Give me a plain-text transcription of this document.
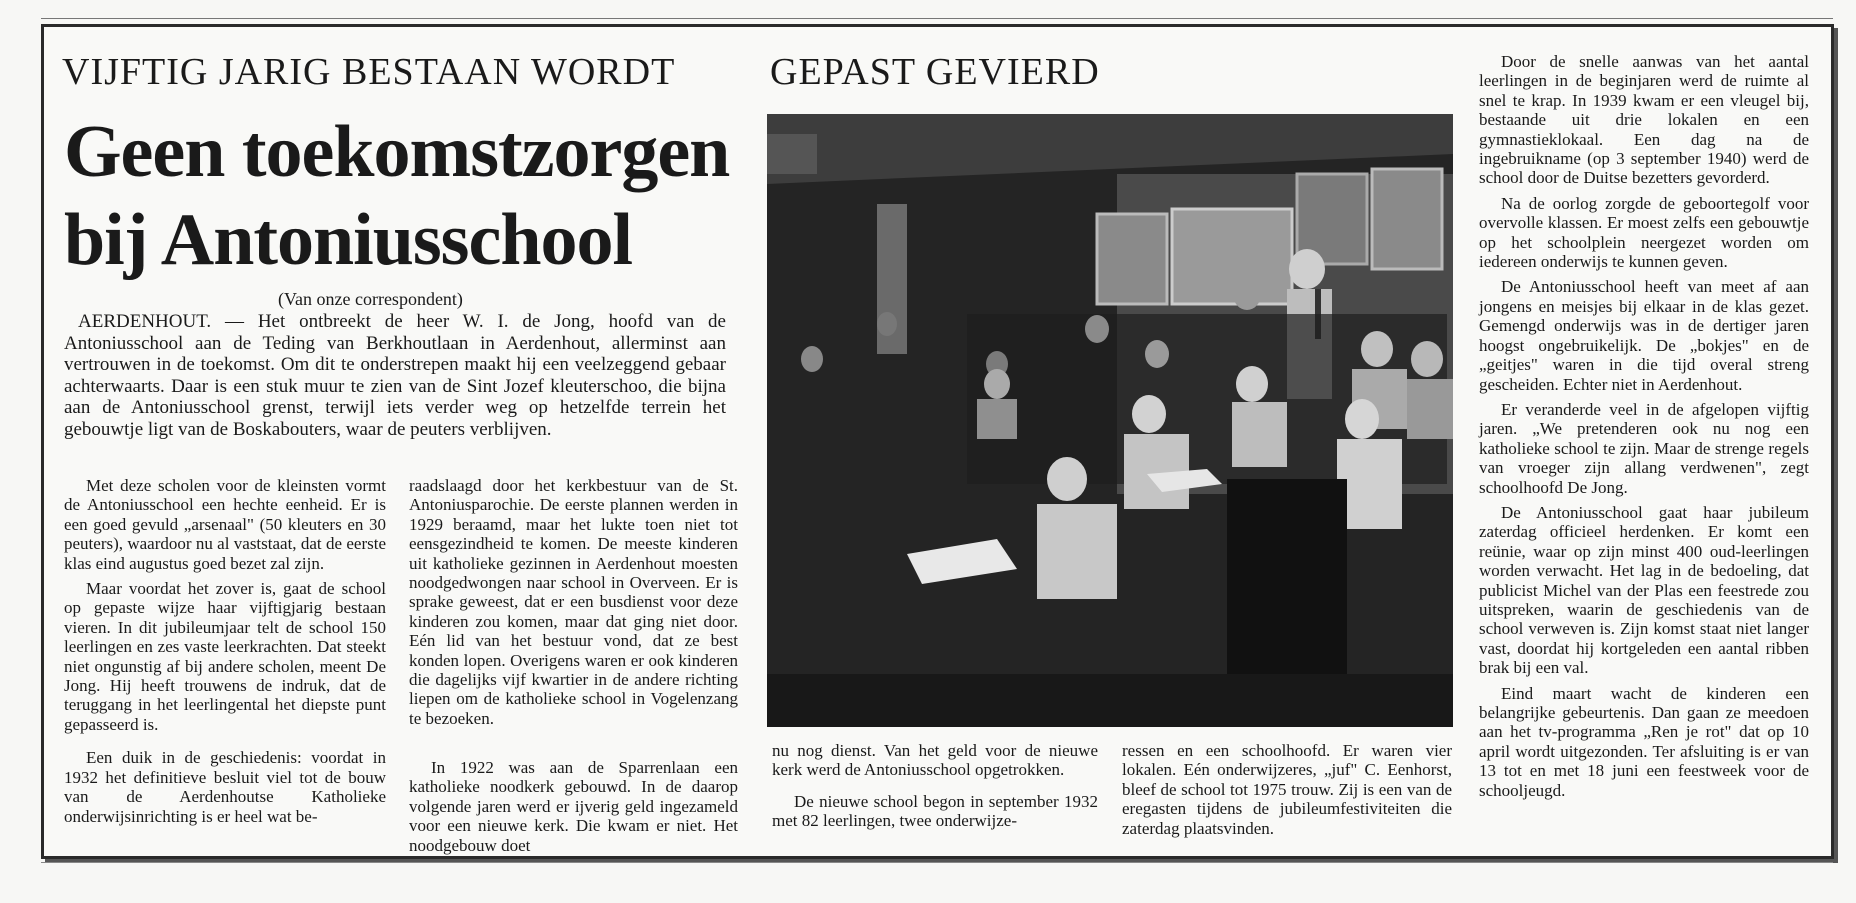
VIJFTIG JARIG BESTAAN WORDT GEPAST GEVIERD
Geen toekomstzorgen
bij Antoniusschool
(Van onze correspondent)

AERDENHOUT. — Het ontbreekt de heer W. I. de Jong, hoofd van de Antoniusschool aan de Teding van Berkhoutlaan in Aerdenhout, allerminst aan vertrouwen in de toekomst. Om dit te onderstrepen maakt hij een veelzeggend gebaar achterwaarts. Daar is een stuk muur te zien van de Sint Jozef kleuterschoo, die bijna aan de Antoniusschool grenst, terwijl iets verder weg op hetzelfde terrein het gebouwtje ligt van de Boskabouters, waar de peuters verblijven.

Met deze scholen voor de kleinsten vormt de Antoniusschool een hechte eenheid. Er is een goed gevuld „arsenaal" (50 kleuters en 30 peuters), waardoor nu al vaststaat, dat de eerste klas eind augustus goed bezet zal zijn.

Maar voordat het zover is, gaat de school op gepaste wijze haar vijftigjarig bestaan vieren. In dit jubileumjaar telt de school 150 leerlingen en zes vaste leerkrachten. Dat steekt niet ongunstig af bij andere scholen, meent De Jong. Hij heeft trouwens de indruk, dat de teruggang in het leerlingental het diepste punt gepasseerd is.

Een duik in de geschiedenis: voordat in 1932 het definitieve besluit viel tot de bouw van de Aerdenhoutse Katholieke onderwijsinrichting is er heel wat be-

raadslaagd door het kerkbestuur van de St. Antoniusparochie. De eerste plannen werden in 1929 beraamd, maar het lukte toen niet tot eensgezindheid te komen. De meeste kinderen uit katholieke gezinnen in Aerdenhout moesten noodgedwongen naar school in Overveen. Er is sprake geweest, dat er een busdienst voor deze kinderen zou komen, maar dat ging niet door. Eén lid van het bestuur vond, dat ze best konden lopen. Overigens waren er ook kinderen die dagelijks vijf kwartier in de andere richting liepen om de katholieke school in Vogelenzang te bezoeken.

In 1922 was aan de Sparrenlaan een katholieke noodkerk gebouwd. In de daarop volgende jaren werd er ijverig geld ingezameld voor een nieuwe kerk. Die kwam er niet. Het noodgebouw doet

nu nog dienst. Van het geld voor de nieuwe kerk werd de Antoniusschool opgetrokken.

De nieuwe school begon in september 1932 met 82 leerlingen, twee onderwijze-

ressen en een schoolhoofd. Er waren vier lokalen. Eén onderwijzeres, „juf" C. Eenhorst, bleef de school tot 1975 trouw. Zij is een van de eregasten tijdens de jubileumfestiviteiten die zaterdag plaatsvinden.

Door de snelle aanwas van het aantal leerlingen in de beginjaren werd de ruimte al snel te krap. In 1939 kwam er een vleugel bij, bestaande uit drie lokalen en een gymnastieklokaal. Een dag na de ingebruikname (op 3 september 1940) werd de school door de Duitse bezetters gevorderd.

Na de oorlog zorgde de geboortegolf voor overvolle klassen. Er moest zelfs een gebouwtje op het schoolplein neergezet worden om iedereen onderwijs te kunnen geven.

De Antoniusschool heeft van meet af aan jongens en meisjes bij elkaar in de klas gezet. Gemengd onderwijs was in de dertiger jaren hoogst ongebruikelijk. De „bokjes" en de „geitjes" waren in die tijd overal streng gescheiden. Echter niet in Aerdenhout.

Er veranderde veel in de afgelopen vijftig jaren. „We pretenderen ook nu nog een katholieke school te zijn. Maar de strenge regels van vroeger zijn allang verdwenen", zegt schoolhoofd De Jong.

De Antoniusschool gaat haar jubileum zaterdag officieel herdenken. Er komt een reünie, waar op zijn minst 400 oud-leerlingen worden verwacht. Het lag in de bedoeling, dat publicist Michel van der Plas een feestrede zou uitspreken, waarin de geschiedenis van de school verweven is. Zijn komst staat niet langer vast, doordat hij kortgeleden een aantal ribben brak bij een val.

Eind maart wacht de kinderen een belangrijke gebeurtenis. Dan gaan ze meedoen aan het tv-programma „Ren je rot" dat op 10 april wordt uitgezonden. Ter afsluiting is er van 13 tot en met 18 juni een feestweek voor de schooljeugd.
